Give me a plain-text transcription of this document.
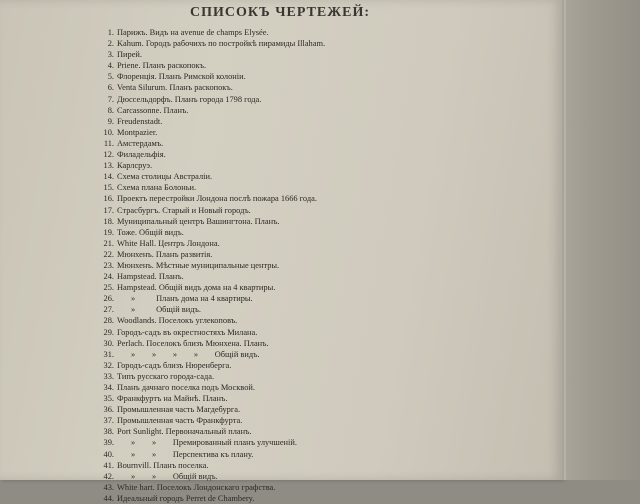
СПИСОКЪ ЧЕРТЕЖЕЙ:
1. Парижъ. Видъ на avenue de champs Elysée.
2. Kahum. Городъ рабочихъ по постройкѣ пирамиды Illaham.
3. Пирей.
4. Priene. Планъ раскопокъ.
5. Флоренція. Планъ Римской колоніи.
6. Venta Silurum. Планъ раскопокъ.
7. Дюссельдорфъ. Планъ города 1798 года.
8. Carcassonne. Планъ.
9. Freudenstadt.
10. Montpazier.
11. Амстердамъ.
12. Филадельфія.
13. Карлсруэ.
14. Схема столицы Австраліи.
15. Схема плана Болоньи.
16. Проектъ перестройки Лондона послѣ пожара 1666 года.
17. Страсбургъ. Старый и Новый городъ.
18. Муниципальный центръ Вашингтона. Планъ.
19. Тоже. Общій видъ.
21. White Hall. Центръ Лондона.
22. Мюнхенъ. Планъ развитія.
23. Мюнхенъ. Мѣстные муниципальные центры.
24. Hampstead. Планъ.
25. Hampstead. Общій видъ дома на 4 квартиры.
26.	»          Планъ дома на 4 квартиры.
27.	»          Общій видъ.
28. Woodlands. Поселокъ углекоповъ.
29. Городъ-садъ въ окрестностяхъ Милана.
30. Perlach. Поселокъ близъ Мюнхена. Планъ.
31.	»        »        »        »        Общій видъ.
32. Городъ-садъ близъ Нюренберга.
33. Типъ русскаго города-сада.
34. Планъ дачнаго поселка подъ Москвой.
35. Франкфуртъ на Майнѣ. Планъ.
36. Промышленная часть Магдебурга.
37. Промышленная часть Франкфурта.
38. Port Sunlight. Первоначальный планъ.
39.	»        »        Премированный планъ улучшеній.
40.	»        »        Перспектива къ плану.
41. Bournvill. Планъ поселка.
42.	»        »        Общій видъ.
43. White hart. Поселокъ Лондонскаго графства.
44. Идеальный городъ Perret de Chambery.
